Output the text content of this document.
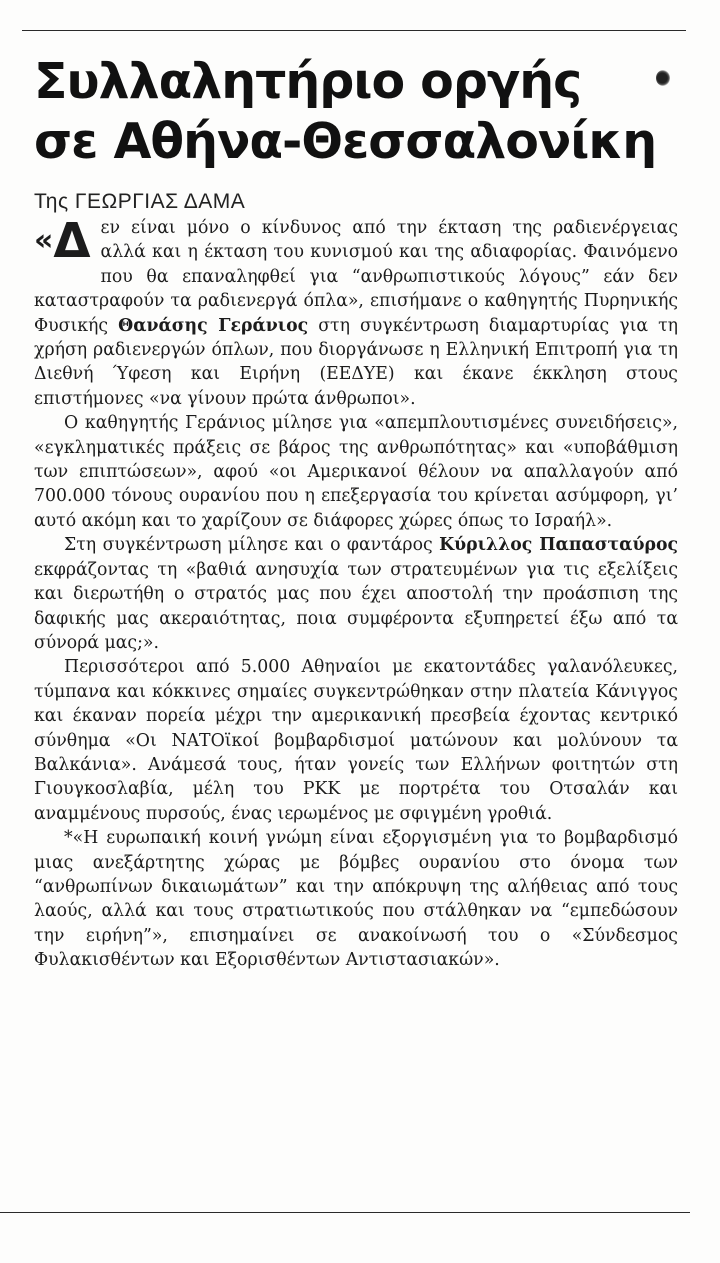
Συλλαλητήριο οργής
σε Αθήνα-Θεσσαλονίκη
Της ΓΕΩΡΓΙΑΣ ΔΑΜΑ

«Δ εν είναι μόνο ο κίνδυνος από την έκταση της ραδιενέργειας αλλά και η έκταση του κυνισμού και της αδιαφορίας. Φαινόμενο που θα επαναληφθεί για “ανθρωπιστικούς λόγους” εάν δεν καταστραφούν τα ραδιενεργά όπλα», επισήμανε ο καθηγητής Πυρηνικής Φυσικής Θανάσης Γεράνιος στη συγκέντρωση διαμαρτυρίας για τη χρήση ραδιενεργών όπλων, που διοργάνωσε η Ελληνική Επιτροπή για τη Διεθνή Ύφεση και Ειρήνη (ΕΕΔΥΕ) και έκανε έκκληση στους επιστήμονες «να γίνουν πρώτα άνθρωποι».

Ο καθηγητής Γεράνιος μίλησε για «απεμπλουτισμένες συνειδήσεις», «εγκληματικές πράξεις σε βάρος της ανθρωπότητας» και «υποβάθμιση των επιπτώσεων», αφού «οι Αμερικανοί θέλουν να απαλλαγούν από 700.000 τόνους ουρανίου που η επεξεργασία του κρίνεται ασύμφορη, γι’ αυτό ακόμη και το χαρίζουν σε διάφορες χώρες όπως το Ισραήλ».

Στη συγκέντρωση μίλησε και ο φαντάρος Κύριλλος Παπασταύρος εκφράζοντας τη «βαθιά ανησυχία των στρατευμένων για τις εξελίξεις και διερωτήθη ο στρατός μας που έχει αποστολή την προάσπιση της δαφικής μας ακεραιότητας, ποια συμφέροντα εξυπηρετεί έξω από τα σύνορά μας;».

Περισσότεροι από 5.000 Αθηναίοι με εκατοντάδες γαλανόλευκες, τύμπανα και κόκκινες σημαίες συγκεντρώθηκαν στην πλατεία Κάνιγγος και έκαναν πορεία μέχρι την αμερικανική πρεσβεία έχοντας κεντρικό σύνθημα «Οι ΝΑΤΟϊκοί βομβαρδισμοί ματώνουν και μολύνουν τα Βαλκάνια». Ανάμεσά τους, ήταν γονείς των Ελλήνων φοιτητών στη Γιουγκοσλαβία, μέλη του ΡΚΚ με πορτρέτα του Οτσαλάν και αναμμένους πυρσούς, ένας ιερωμένος με σφιγμένη γροθιά.

*«Η ευρωπαική κοινή γνώμη είναι εξοργισμένη για το βομβαρδισμό μιας ανεξάρτητης χώρας με βόμβες ουρανίου στο όνομα των “ανθρωπίνων δικαιωμάτων” και την απόκρυψη της αλήθειας από τους λαούς, αλλά και τους στρατιωτικούς που στάλθηκαν να “εμπεδώσουν την ειρήνη”», επισημαίνει σε ανακοίνωσή του ο «Σύνδεσμος Φυλακισθέντων και Εξορισθέντων Αντιστασιακών».
